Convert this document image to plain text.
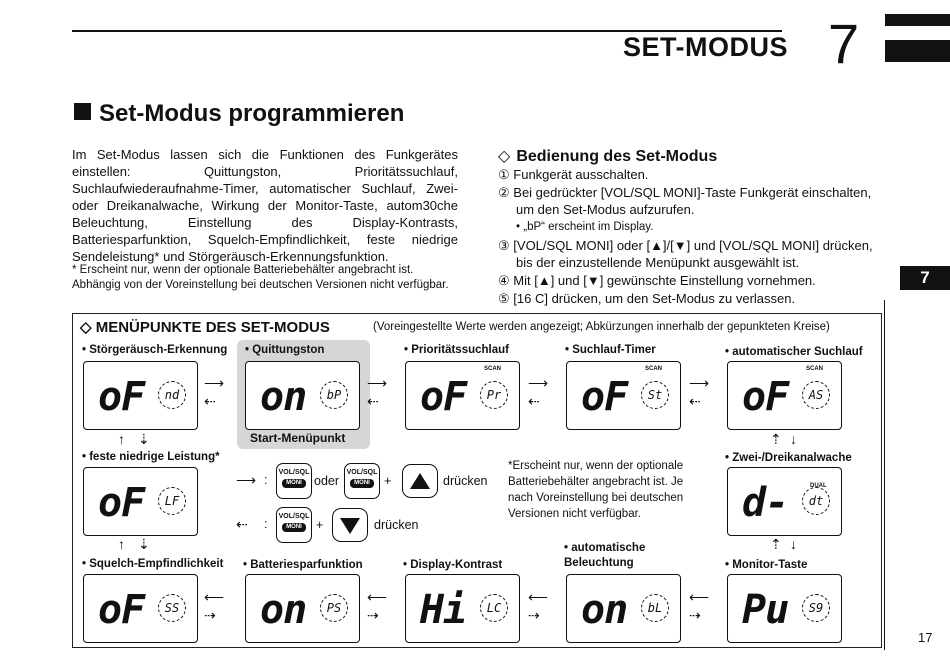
SET-MODUS 7
7
Set-Modus programmieren
Im Set-Modus lassen sich die Funktionen des Funkgerätes einstellen: Quittungston, Prioritätssuchlauf, Suchlaufwiederaufnahme-Timer, automatischer Suchlauf, Zwei- oder Dreikanalwache, Wirkung der Monitor-Taste, autom30che Beleuchtung, Einstellung des Display-Kontrasts, Batteriesparfunktion, Squelch-Empfindlichkeit, feste niedrige Sendeleistung* und Störgeräusch-Erkennungsfunktion.
* Erscheint nur, wenn der optionale Batteriebehälter angebracht ist. Abhängig von der Voreinstellung bei deutschen Versionen nicht verfügbar.
◇ Bedienung des Set-Modus
① Funkgerät ausschalten.
② Bei gedrückter [VOL/SQL MONI]-Taste Funkgerät einschalten, um den Set-Modus aufzurufen.
• „bP“ erscheint im Display.
③ [VOL/SQL MONI] oder [▲]/[▼] und [VOL/SQL MONI] drücken, bis der einzustellende Menüpunkt ausgewählt ist.
④ Mit [▲] und [▼] gewünschte Einstellung vornehmen.
⑤ [16 C] drücken, um den Set-Modus zu verlassen.
◇ MENÜPUNKTE DES SET-MODUS	(Voreingestellte Werte werden angezeigt; Abkürzungen innerhalb der gepunkteten Kreise)
Start-Menüpunkt
• Störgeräusch-Erkennung • Quittungston	• Prioritätssuchlauf	• Suchlauf-Timer	• automatischer Suchlauf
oF	nd on	bP
SCAN
oF	Pr
SCAN
oF	St
SCAN
oF	AS
⟶
⇠
⟶
⇠
⟶
⇠
⟶
⇠
↑ ⇣
↑ ⇣
⇡ ↓
⇡ ↓
• feste niedrige Leistung*
oF	LF
• Zwei-/Dreikanalwache
DUAL
d-	dt
⟶ :
VOL/SQL
MONI oder
VOL/SQL
MONI	+	drücken
⇠ :
VOL/SQL
MONI	+	drücken
*Erscheint nur, wenn der optionale Batteriebehälter angebracht ist. Je nach Voreinstellung bei deutschen Versionen nicht verfügbar.
• Squelch-Empfindlichkeit • Batteriesparfunktion	• Display-Kontrast
• automatische Beleuchtung	• Monitor-Taste
oF	SS on	PS Hi	LC on	bL Pu	S9
⟵
⇢
⟵
⇢
⟵
⇢
⟵
⇢
17
